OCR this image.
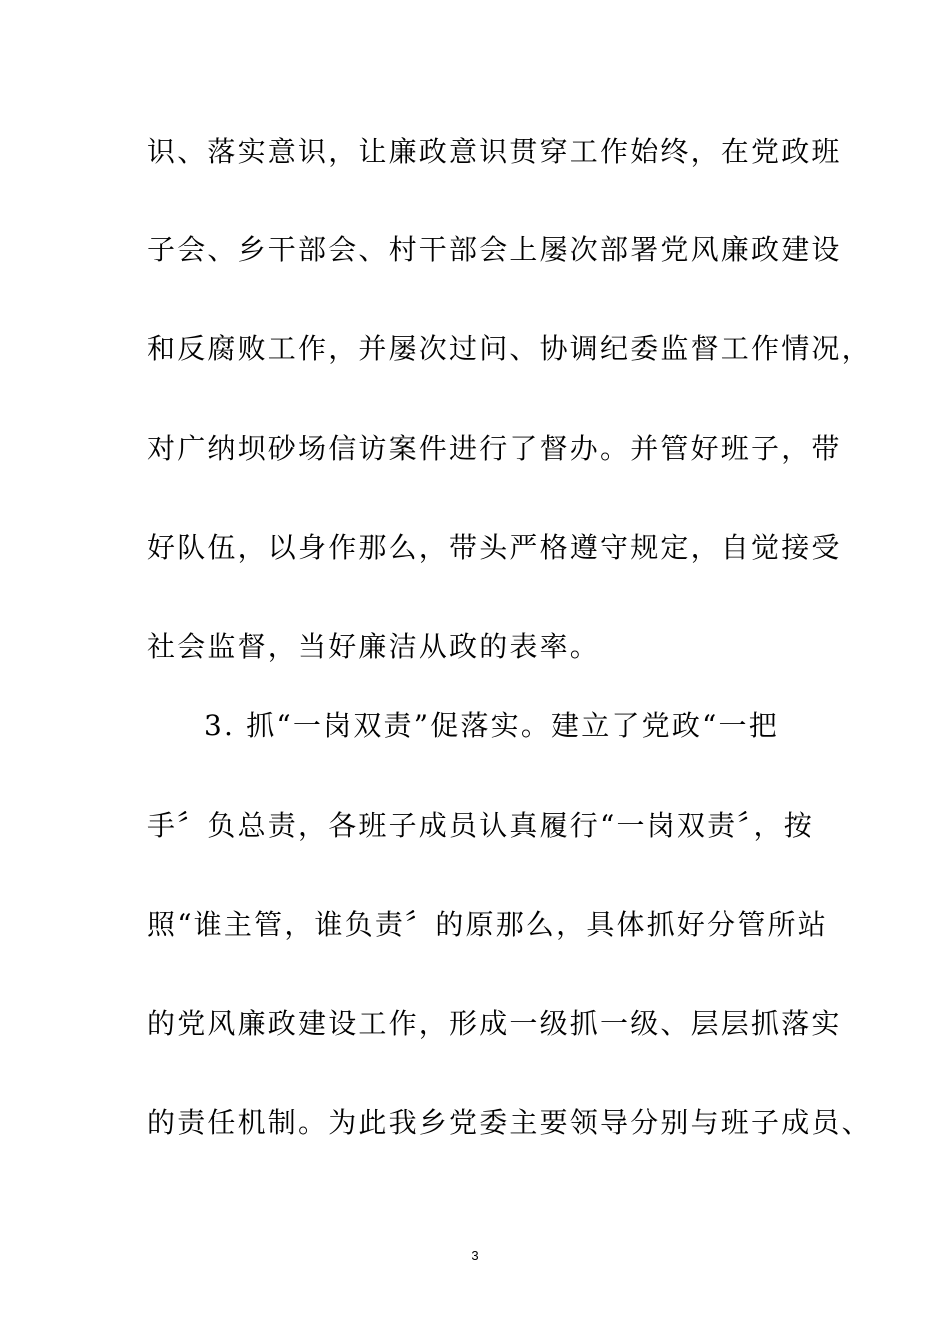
识、落实意识，让廉政意识贯穿工作始终，在党政班

子会、乡干部会、村干部会上屡次部署党风廉政建设

和反腐败工作，并屡次过问、协调纪委监督工作情况，

对广纳坝砂场信访案件进行了督办。并管好班子，带

好队伍，以身作那么，带头严格遵守规定，自觉接受

社会监督，当好廉洁从政的表率。

3. 抓“一岗双责”促落实。建立了党政“一把

手〞负总责，各班子成员认真履行“一岗双责〞，按

照“谁主管，谁负责〞的原那么，具体抓好分管所站

的党风廉政建设工作，形成一级抓一级、层层抓落实

的责任机制。为此我乡党委主要领导分别与班子成员、

3
